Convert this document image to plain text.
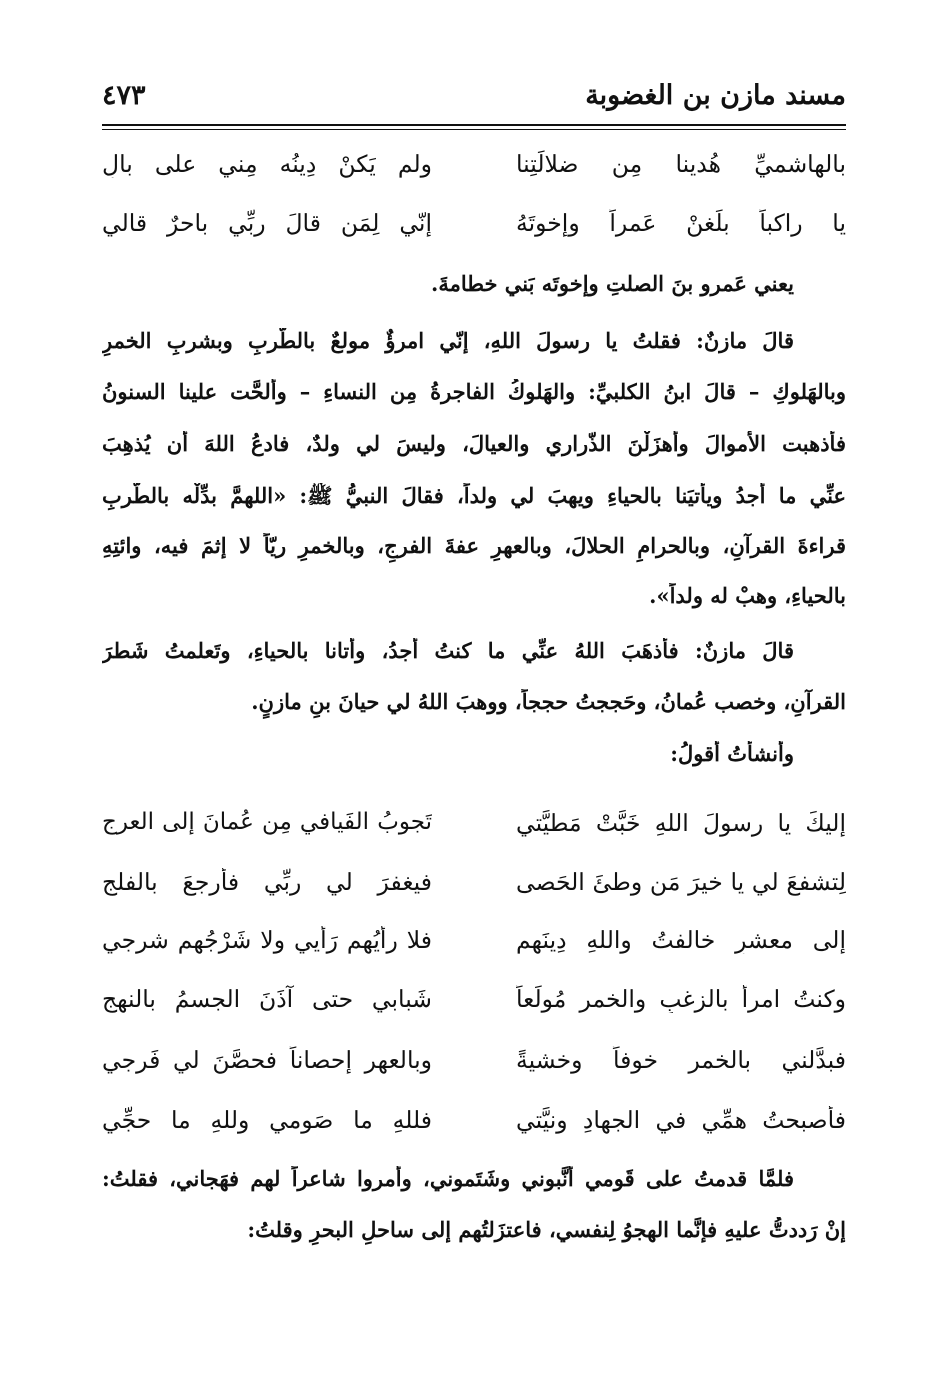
مسند مازن بن الغضوبة
٤٧٣
بالهاشميِّ هُدينا مِن ضلالَتِنا
ولم يَكنْ دِينُه مِني على بالِ
يا راكباً بلِّغنْ عَمراً وإخوتَهُ
إنّي لِمَن قالَ ربِّي باحرٌ قالي
يعني عَمرو بنَ الصلتِ وإخوتَه بَني خطامةَ.
قالَ مازنٌ: فقلتُ يا رسولَ اللهِ، إنّي امرؤٌ مولعٌ بالطَّربِ وبشربِ الخمرِ
وبالهَلوكِ – قالَ ابنُ الكلبيِّ: والهَلوكُ الفاجرةُ مِن النساءِ – وألحَّت علينا السنونُ
فأذهبت الأموالَ وأهزَلْنَ الذّراري والعيالَ، وليسَ لي ولدٌ، فادعُ اللهَ أن يُذهِبَ
عنِّي ما أجدُ ويأتيَنا بالحياءِ ويهبَ لي ولداً، فقالَ النبيُّ ﷺ: «اللهمَّ بدِّلْه بالطَّربِ
قراءةَ القرآنِ، وبالحرامِ الحلالَ، وبالعهرِ عفةَ الفرجِ، وبالخمرِ ريّاً لا إثمَ فيه، وائتِهِ
بالحياءِ، وهبْ له ولداً».
قالَ مازنٌ: فأذهَبَ اللهُ عنِّي ما كنتُ أجدُ، وأتانا بالحياءِ، وتَعلمتُ شَطرَ
القرآنِ، وخصب عُمانُ، وحَججتُ حججاً، ووهبَ اللهُ لي حيانَ بنِ مازنٍ.
وأنشأتُ أقولُ:
إليكَ يا رسولَ اللهِ خَبَّتْ مَطيَّتي
تَجوبُ الفَيافي مِن عُمانَ إلى العرجِ
لِتشفعَ لي يا خيرَ مَن وطئَ الحَصى
فيغفرَ لي ربِّي فأرجعَ بالفلجِ
إلى معشرٍ خالفتُ واللهِ دِينَهم
فلا رأيُهم رَأيي ولا شَرْجُهم شرجي
وكنتُ امرأً بالزغبِ والخمرِ مُولَعاً
شَبابي حتى آذَنَ الجسمُ بالنهجِ
فبدَّلني بالخمرِ خوفاً وخشيةً
وبالعهرِ إحصاناً فحصَّنَ لي فَرجي
فأصبحتُ همِّي في الجهادِ ونيَّتي
فللهِ ما صَومي وللهِ ما حجِّي
فلمَّا قدمتُ على قَومي أنَّبوني وشَتَموني، وأمروا شاعراً لهم فهَجاني، فقلتُ:
إنْ رَددتُّ عليهِ فإنَّما الهجوُ لِنفسي، فاعتزَلتُهم إلى ساحلِ البحرِ وقلتُ:
